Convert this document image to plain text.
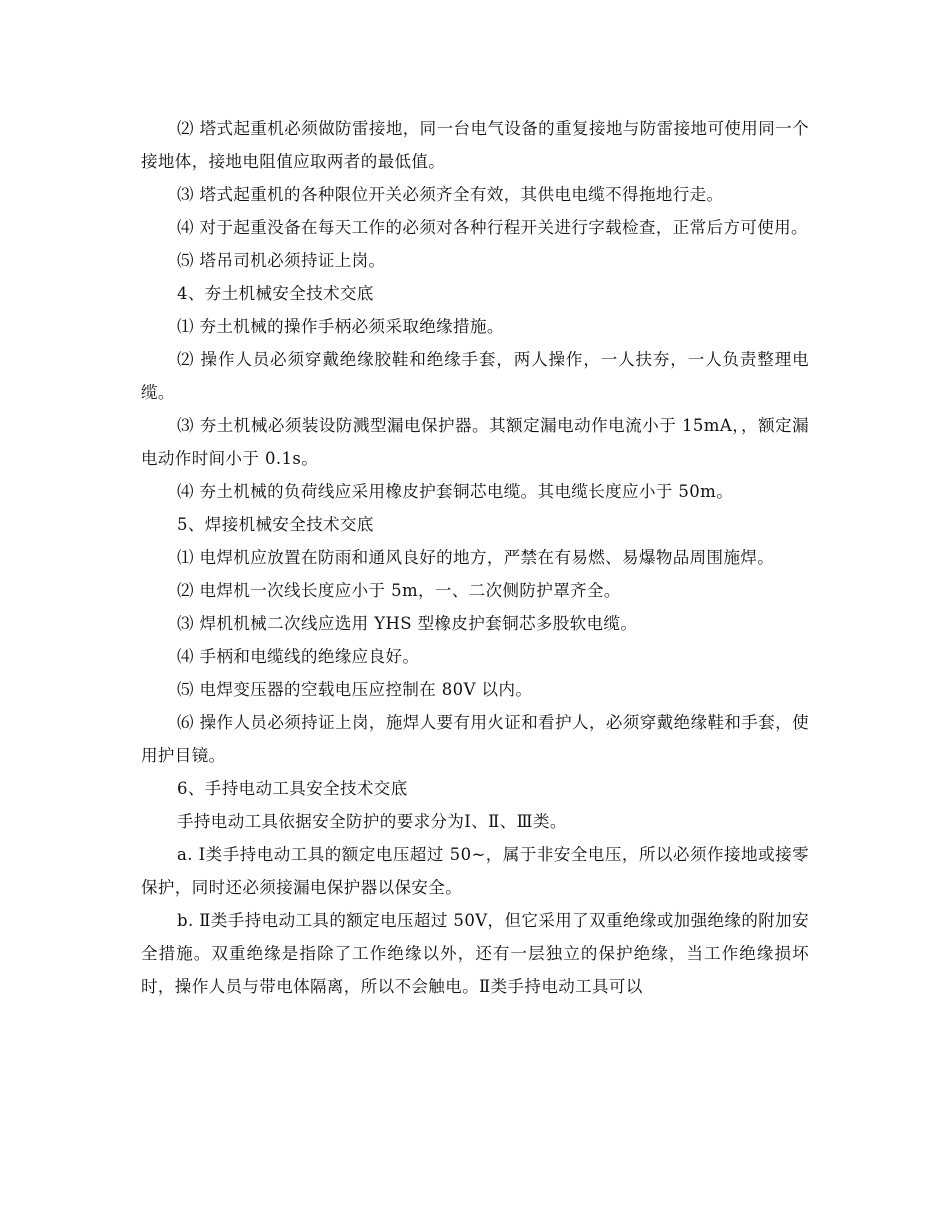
⑵ 塔式起重机必须做防雷接地，同一台电气设备的重复接地与防雷接地可使用同一个接地体，接地电阻值应取两者的最低值。

⑶ 塔式起重机的各种限位开关必须齐全有效，其供电电缆不得拖地行走。

⑷ 对于起重没备在每天工作的必须对各种行程开关进行字载检查，正常后方可使用。

⑸ 塔吊司机必须持证上岗。

4、夯土机械安全技术交底

⑴ 夯土机械的操作手柄必须采取绝缘措施。

⑵ 操作人员必须穿戴绝缘胶鞋和绝缘手套，两人操作，一人扶夯，一人负责整理电缆。

⑶ 夯土机械必须装设防溅型漏电保护器。其额定漏电动作电流小于 15mA，，额定漏电动作时间小于 0.1s。

⑷ 夯土机械的负荷线应采用橡皮护套铜芯电缆。其电缆长度应小于 50m。

5、焊接机械安全技术交底

⑴ 电焊机应放置在防雨和通风良好的地方，严禁在有易燃、易爆物品周围施焊。

⑵ 电焊机一次线长度应小于 5m，一、二次侧防护罩齐全。

⑶ 焊机机械二次线应选用 YHS 型橡皮护套铜芯多股软电缆。

⑷ 手柄和电缆线的绝缘应良好。

⑸ 电焊变压器的空载电压应控制在 80V 以内。

⑹ 操作人员必须持证上岗，施焊人要有用火证和看护人，必须穿戴绝缘鞋和手套，使用护目镜。

6、手持电动工具安全技术交底

手持电动工具依据安全防护的要求分为Ⅰ、Ⅱ、Ⅲ类。

a. Ⅰ类手持电动工具的额定电压超过 50~，属于非安全电压，所以必须作接地或接零保护，同时还必须接漏电保护器以保安全。

b. Ⅱ类手持电动工具的额定电压超过 50V，但它采用了双重绝缘或加强绝缘的附加安全措施。双重绝缘是指除了工作绝缘以外，还有一层独立的保护绝缘，当工作绝缘损坏时，操作人员与带电体隔离，所以不会触电。Ⅱ类手持电动工具可以
